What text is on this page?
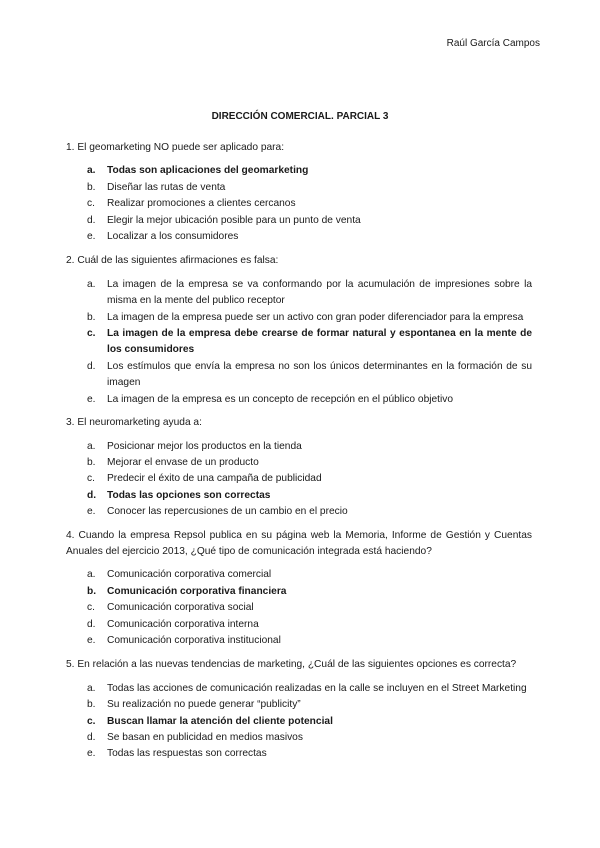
Raúl García Campos
DIRECCIÓN COMERCIAL. PARCIAL 3

1. El geomarketing NO puede ser aplicado para:

a. Todas son aplicaciones del geomarketing
b. Diseñar las rutas de venta
c. Realizar promociones a clientes cercanos
d. Elegir la mejor ubicación posible para un punto de venta
e. Localizar a los consumidores

2. Cuál de las siguientes afirmaciones es falsa:

a. La imagen de la empresa se va conformando por la acumulación de impresiones sobre la misma en la mente del publico receptor
b. La imagen de la empresa puede ser un activo con gran poder diferenciador para la empresa
c. La imagen de la empresa debe crearse de formar natural y espontanea en la mente de los consumidores
d. Los estímulos que envía la empresa no son los únicos determinantes en la formación de su imagen
e. La imagen de la empresa es un concepto de recepción en el público objetivo

3. El neuromarketing ayuda a:

a. Posicionar mejor los productos en la tienda
b. Mejorar el envase de un producto
c. Predecir el éxito de una campaña de publicidad
d. Todas las opciones son correctas
e. Conocer las repercusiones de un cambio en el precio

4. Cuando la empresa Repsol publica en su página web la Memoria, Informe de Gestión y Cuentas Anuales del ejercicio 2013, ¿Qué tipo de comunicación integrada está haciendo?

a. Comunicación corporativa comercial
b. Comunicación corporativa financiera
c. Comunicación corporativa social
d. Comunicación corporativa interna
e. Comunicación corporativa institucional

5. En relación a las nuevas tendencias de marketing, ¿Cuál de las siguientes opciones es correcta?

a. Todas las acciones de comunicación realizadas en la calle se incluyen en el Street Marketing
b. Su realización no puede generar “publicity”
c. Buscan llamar la atención del cliente potencial
d. Se basan en publicidad en medios masivos
e. Todas las respuestas son correctas
